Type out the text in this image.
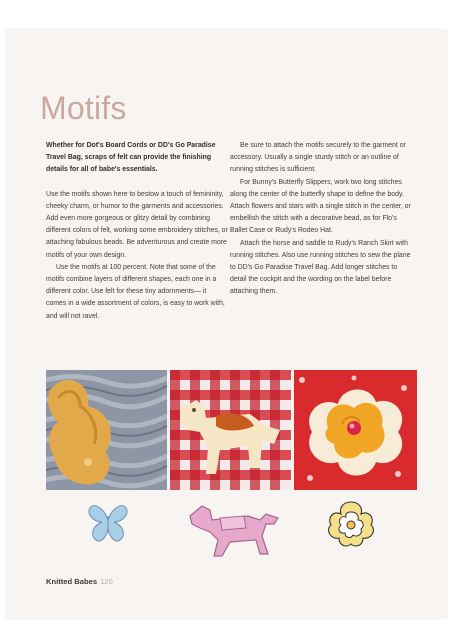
Motifs

Whether for Dot's Board Cords or DD's Go Paradise Travel Bag, scraps of felt can provide the finishing details for all of babe's essentials.

Use the motifs shown here to bestow a touch of femininity, cheeky charm, or humor to the garments and accessories. Add even more gorgeous or glitzy detail by combining different colors of felt, working some embroidery stitches, or attaching fabulous beads. Be adventurous and create more motifs of your own design.

Use the motifs at 100 percent. Note that some of the motifs combine layers of different shapes, each one in a different color. Use felt for these tiny adornments— it comes in a wide assortment of colors, is easy to work with, and will not ravel.

Be sure to attach the motifs securely to the garment or accessory. Usually a single sturdy stitch or an outline of running stitches is sufficient.

For Bunny's Butterfly Slippers, work two long stitches along the center of the butterfly shape to define the body. Attach flowers and stars with a single stitch in the center, or embellish the stitch with a decorative bead, as for Flo's Ballet Case or Rudy's Rodeo Hat.

Attach the horse and saddle to Rudy's Ranch Skirt with running stitches. Also use running stitches to sew the plane to DD's Go Paradise Travel Bag. Add longer stitches to detail the cockpit and the wording on the label before attaching them.

Knitted Babes 120
